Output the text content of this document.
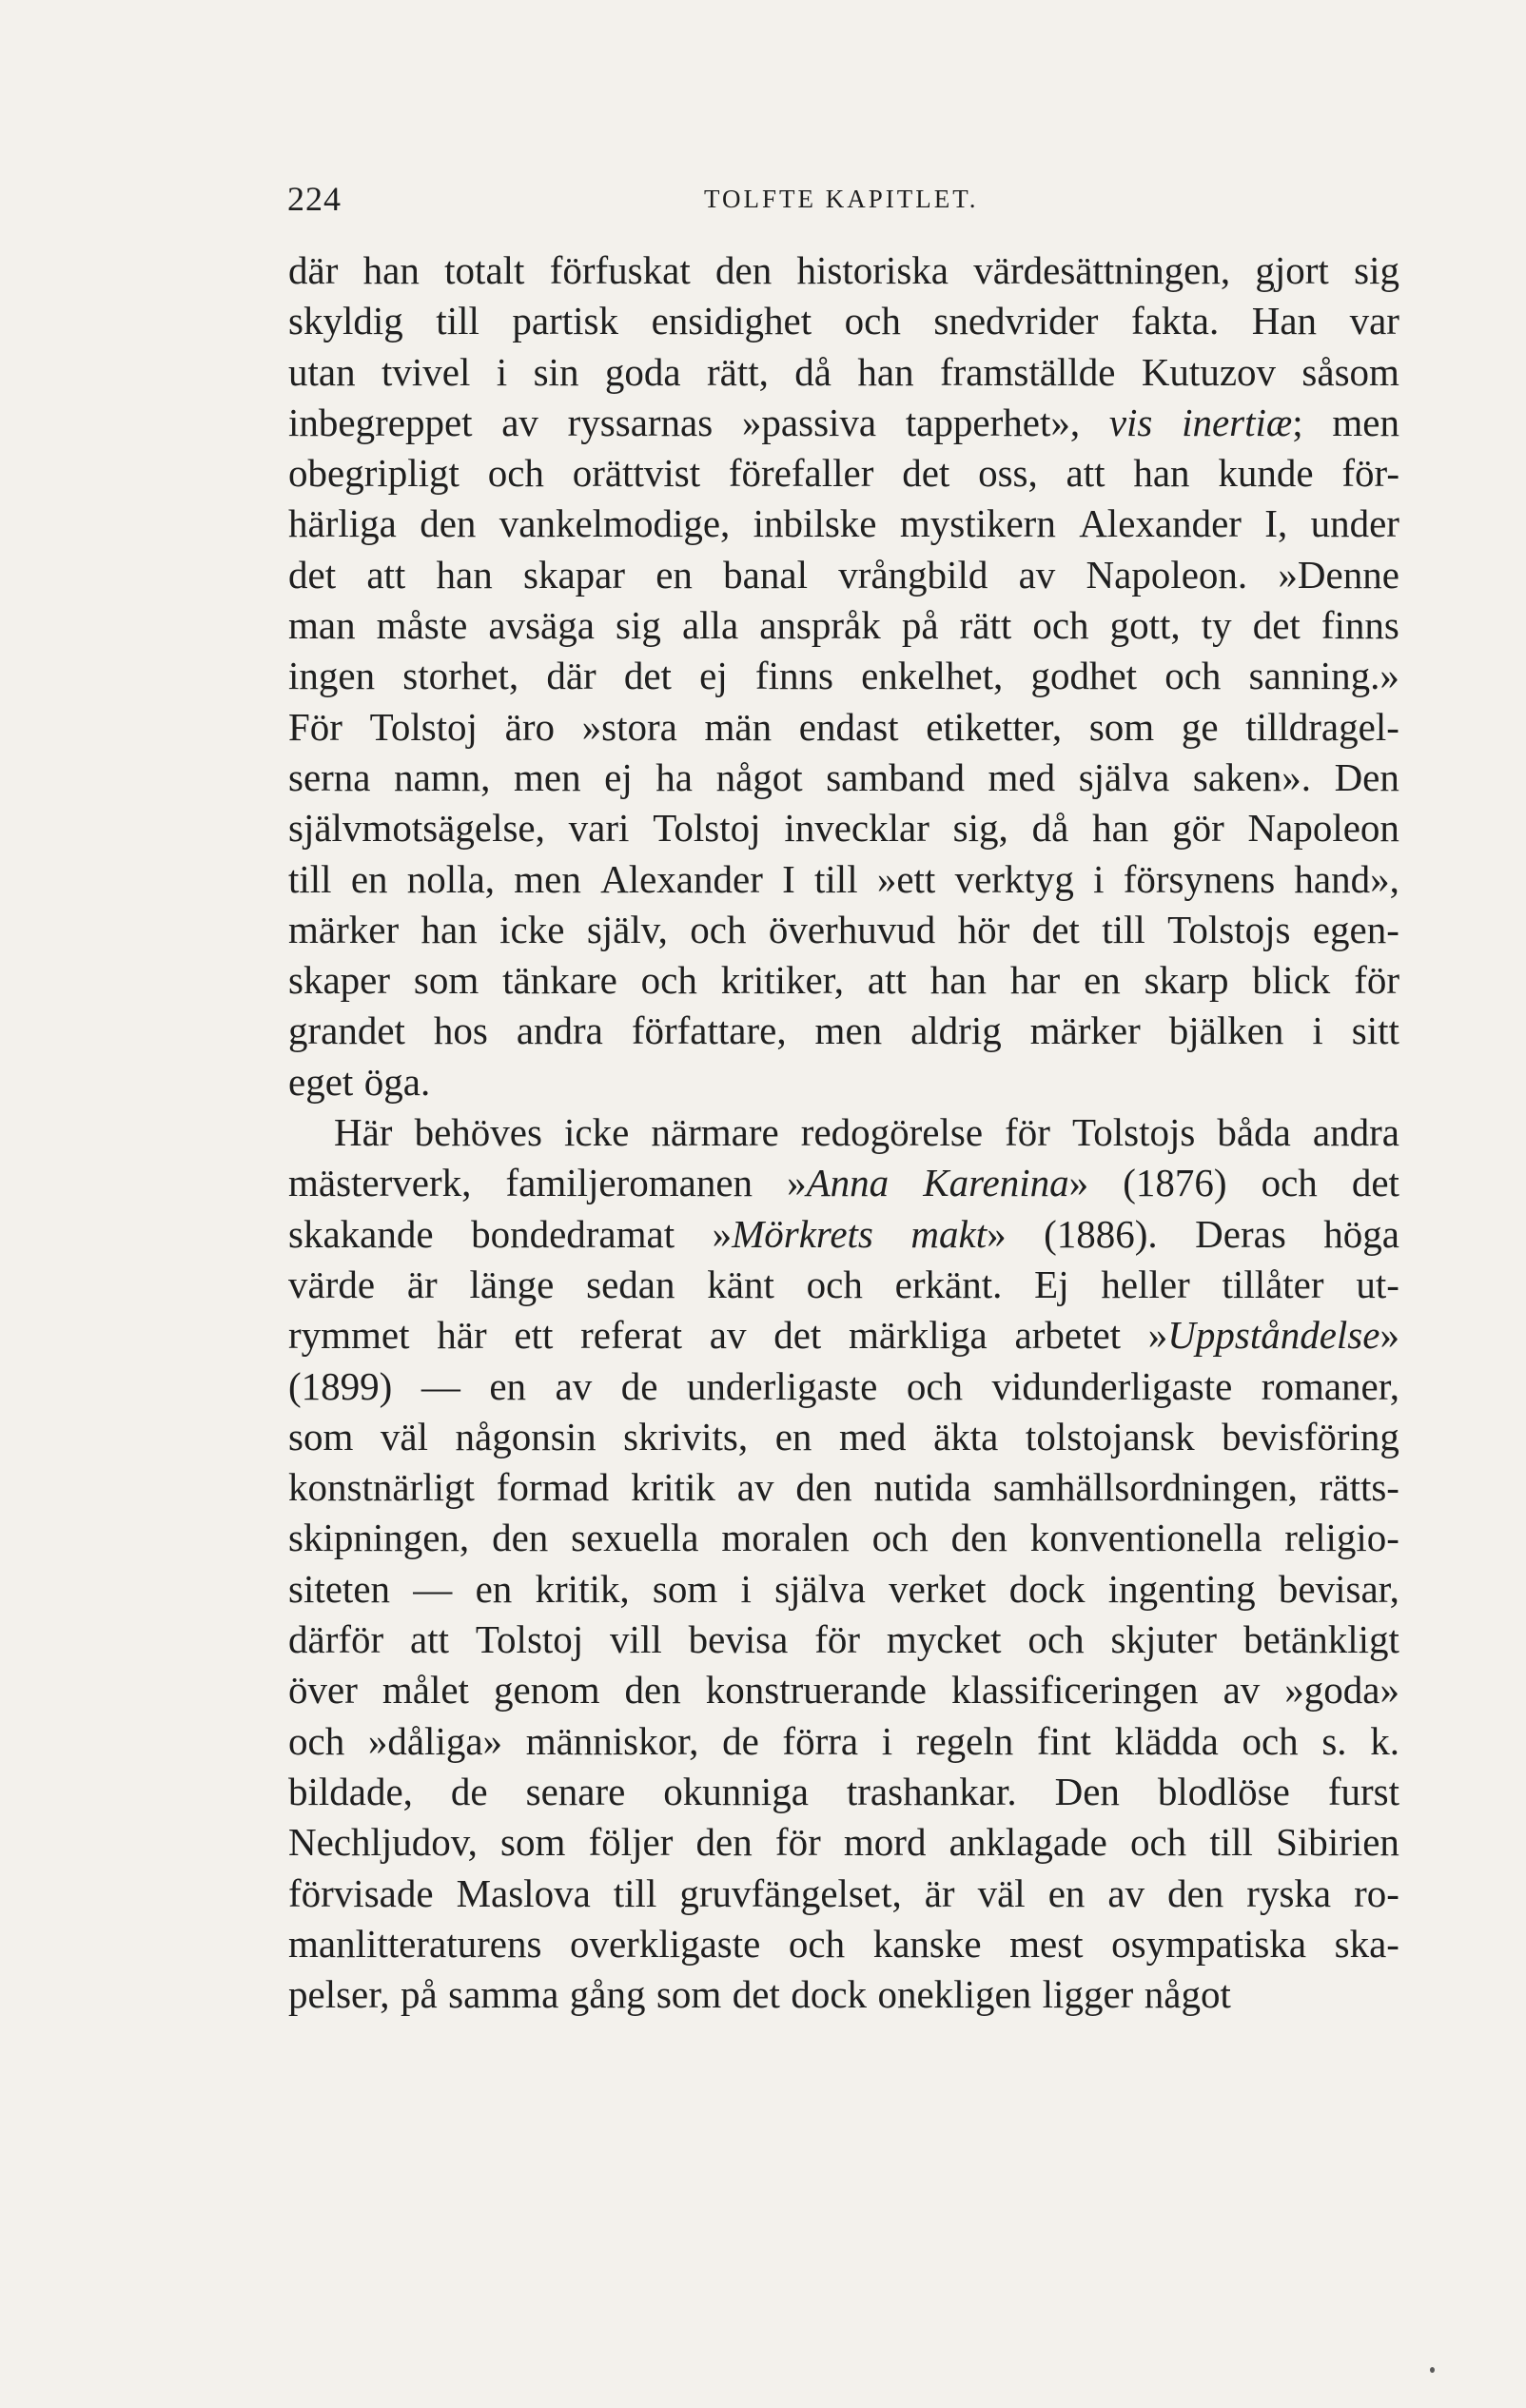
224	TOLFTE KAPITLET.
där han totalt förfuskat den historiska värdesättningen, gjort sig
skyldig till partisk ensidighet och snedvrider fakta. Han var
utan tvivel i sin goda rätt, då han framställde Kutuzov såsom
inbegreppet av ryssarnas »passiva tapperhet», vis inertiæ; men
obegripligt och orättvist förefaller det oss, att han kunde för-
härliga den vankelmodige, inbilske mystikern Alexander I, under
det att han skapar en banal vrångbild av Napoleon. »Denne
man måste avsäga sig alla anspråk på rätt och gott, ty det finns
ingen storhet, där det ej finns enkelhet, godhet och sanning.»
För Tolstoj äro »stora män endast etiketter, som ge tilldragel-
serna namn, men ej ha något samband med själva saken». Den
självmotsägelse, vari Tolstoj invecklar sig, då han gör Napoleon
till en nolla, men Alexander I till »ett verktyg i försynens hand»,
märker han icke själv, och överhuvud hör det till Tolstojs egen-
skaper som tänkare och kritiker, att han har en skarp blick för
grandet hos andra författare, men aldrig märker bjälken i sitt
eget öga.
Här behöves icke närmare redogörelse för Tolstojs båda andra
mästerverk, familjeromanen »Anna Karenina» (1876) och det
skakande bondedramat »Mörkrets makt» (1886). Deras höga
värde är länge sedan känt och erkänt. Ej heller tillåter ut-
rymmet här ett referat av det märkliga arbetet »Uppståndelse»
(1899) — en av de underligaste och vidunderligaste romaner,
som väl någonsin skrivits, en med äkta tolstojansk bevisföring
konstnärligt formad kritik av den nutida samhällsordningen, rätts-
skipningen, den sexuella moralen och den konventionella religio-
siteten — en kritik, som i själva verket dock ingenting bevisar,
därför att Tolstoj vill bevisa för mycket och skjuter betänkligt
över målet genom den konstruerande klassificeringen av »goda»
och »dåliga» människor, de förra i regeln fint klädda och s. k.
bildade, de senare okunniga trashankar. Den blodlöse furst
Nechljudov, som följer den för mord anklagade och till Sibirien
förvisade Maslova till gruvfängelset, är väl en av den ryska ro-
manlitteraturens overkligaste och kanske mest osympatiska ska-
pelser, på samma gång som det dock onekligen ligger något
